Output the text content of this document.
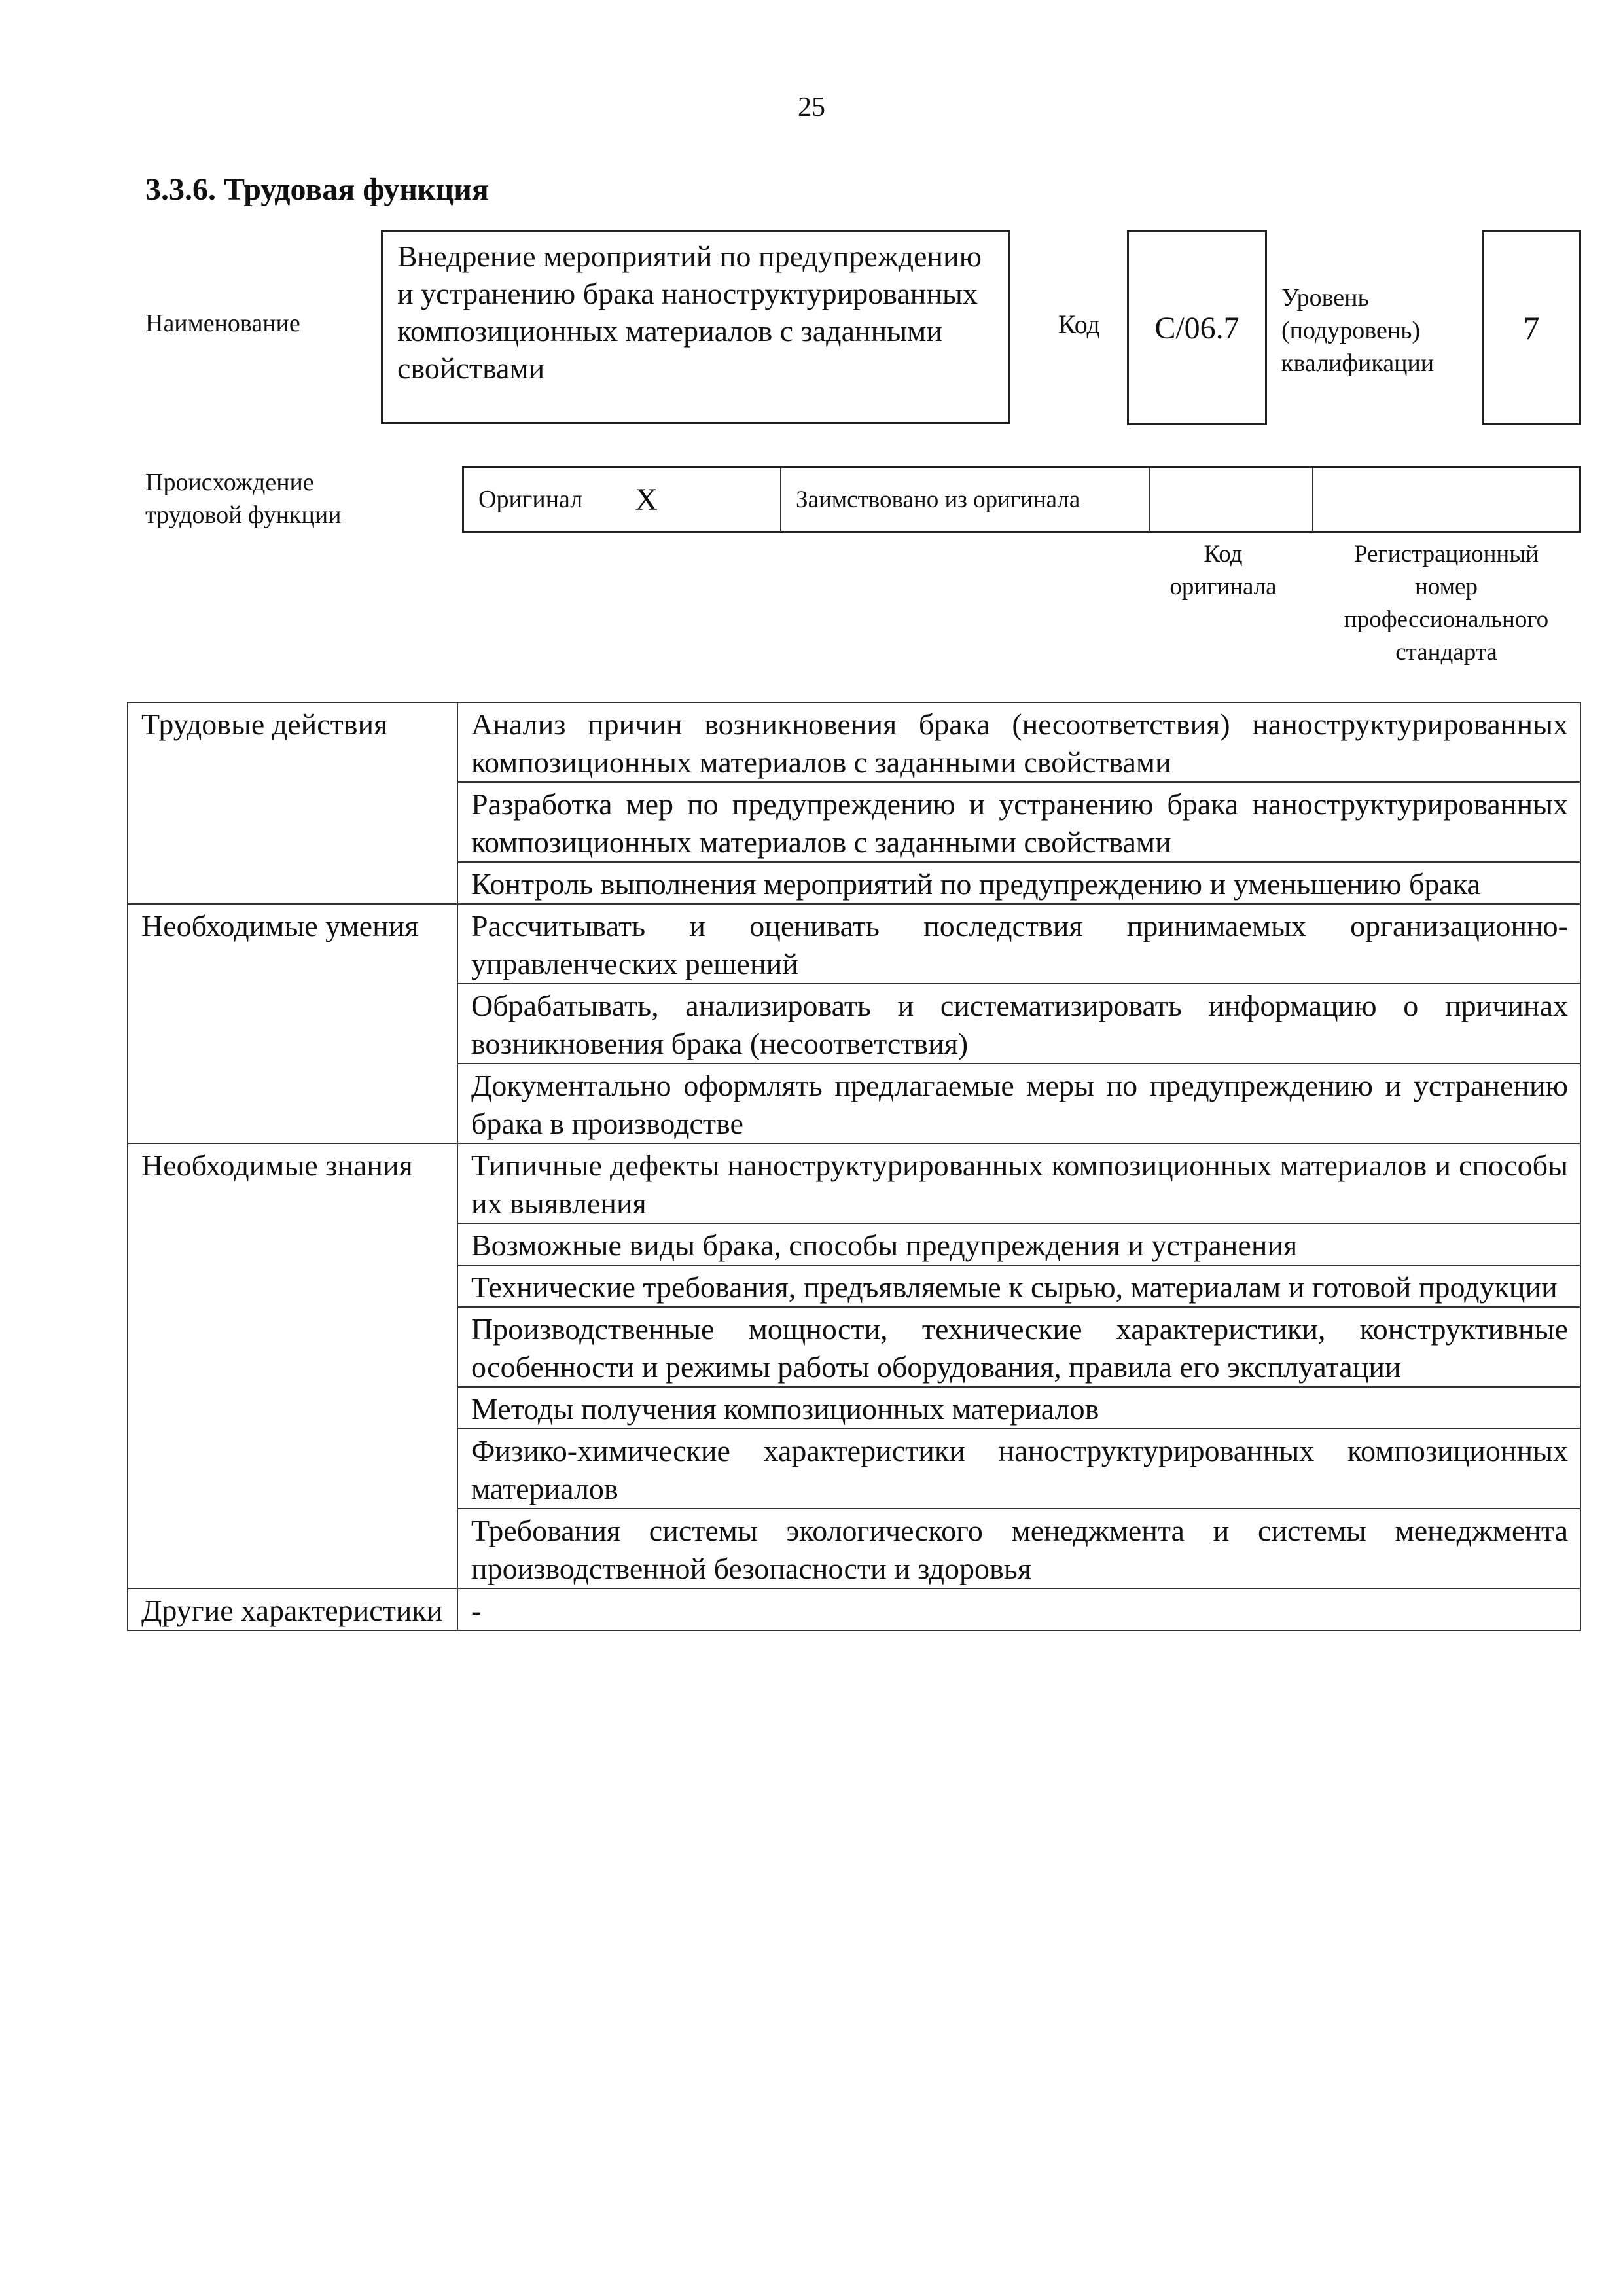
25
3.3.6. Трудовая функция
Наименование
Внедрение мероприятий по предупреждению и устранению брака наноструктурированных композиционных материалов с заданными свойствами
Код C/06.7
Уровень
(подуровень)
квалификации
7
Происхождение
трудовой функции
Оригинал X	Заимствовано из оригинала
Код
оригинала
Регистрационный
номер
профессионального
стандарта
Трудовые действия	Анализ причин возникновения брака (несоответствия) наноструктурированных композиционных материалов с заданными свойствами
	Разработка мер по предупреждению и устранению брака наноструктурированных композиционных материалов с заданными свойствами
	Контроль выполнения мероприятий по предупреждению и уменьшению брака
Необходимые умения	Рассчитывать и оценивать последствия принимаемых организационно-управленческих решений
	Обрабатывать, анализировать и систематизировать информацию о причинах возникновения брака (несоответствия)
	Документально оформлять предлагаемые меры по предупреждению и устранению брака в производстве
Необходимые знания	Типичные дефекты наноструктурированных композиционных материалов и способы их выявления
	Возможные виды брака, способы предупреждения и устранения
	Технические требования, предъявляемые к сырью, материалам и готовой продукции
	Производственные мощности, технические характеристики, конструктивные особенности и режимы работы оборудования, правила его эксплуатации
	Методы получения композиционных материалов
	Физико-химические характеристики наноструктурированных композиционных материалов
	Требования системы экологического менеджмента и системы менеджмента производственной безопасности и здоровья
Другие характеристики	-
